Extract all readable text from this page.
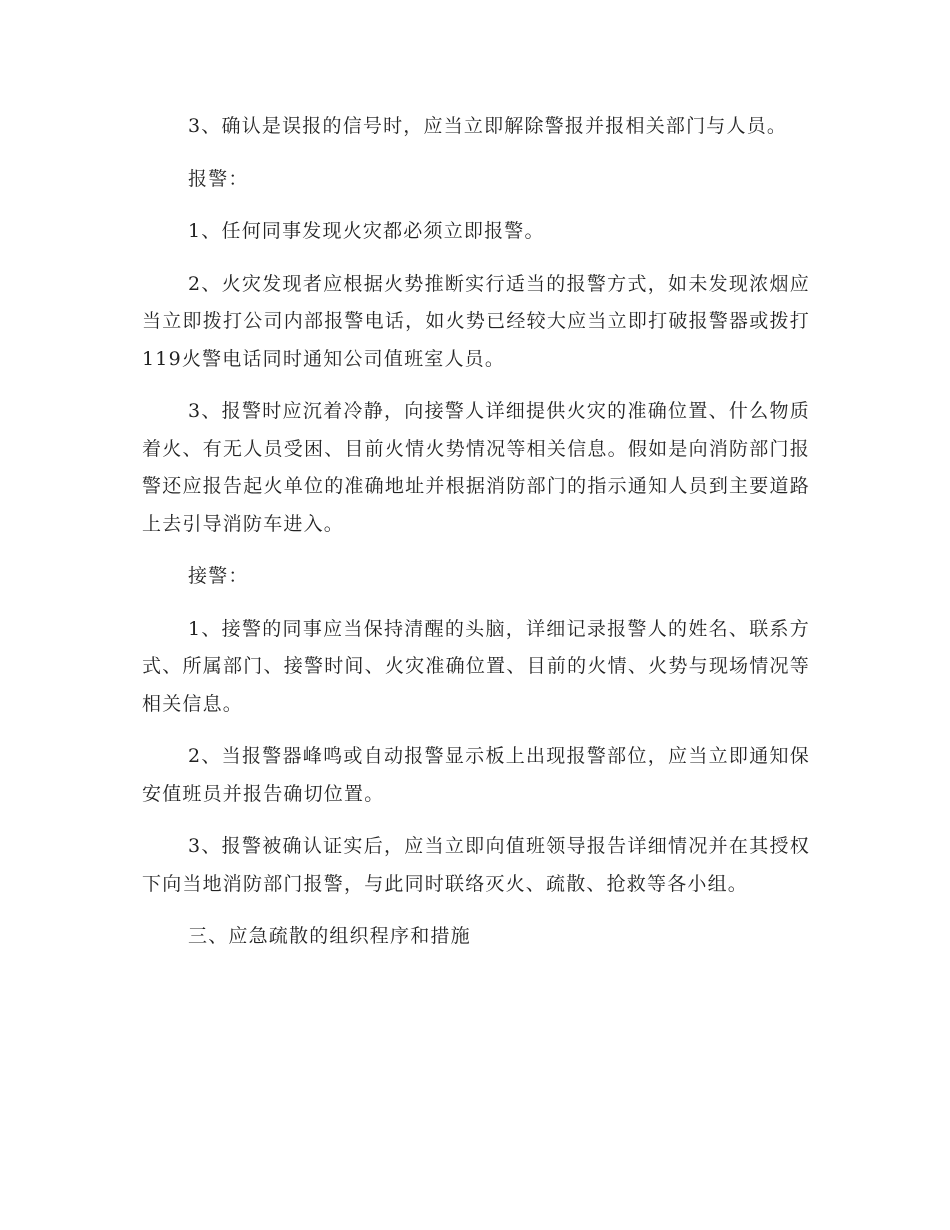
3、确认是误报的信号时，应当立即解除警报并报相关部门与人员。

报警：

1、任何同事发现火灾都必须立即报警。

2、火灾发现者应根据火势推断实行适当的报警方式，如未发现浓烟应当立即拨打公司内部报警电话，如火势已经较大应当立即打破报警器或拨打119火警电话同时通知公司值班室人员。

3、报警时应沉着冷静，向接警人详细提供火灾的准确位置、什么物质着火、有无人员受困、目前火情火势情况等相关信息。假如是向消防部门报警还应报告起火单位的准确地址并根据消防部门的指示通知人员到主要道路上去引导消防车进入。

接警：

1、接警的同事应当保持清醒的头脑，详细记录报警人的姓名、联系方式、所属部门、接警时间、火灾准确位置、目前的火情、火势与现场情况等相关信息。

2、当报警器峰鸣或自动报警显示板上出现报警部位，应当立即通知保安值班员并报告确切位置。

3、报警被确认证实后，应当立即向值班领导报告详细情况并在其授权下向当地消防部门报警，与此同时联络灭火、疏散、抢救等各小组。

三、应急疏散的组织程序和措施
